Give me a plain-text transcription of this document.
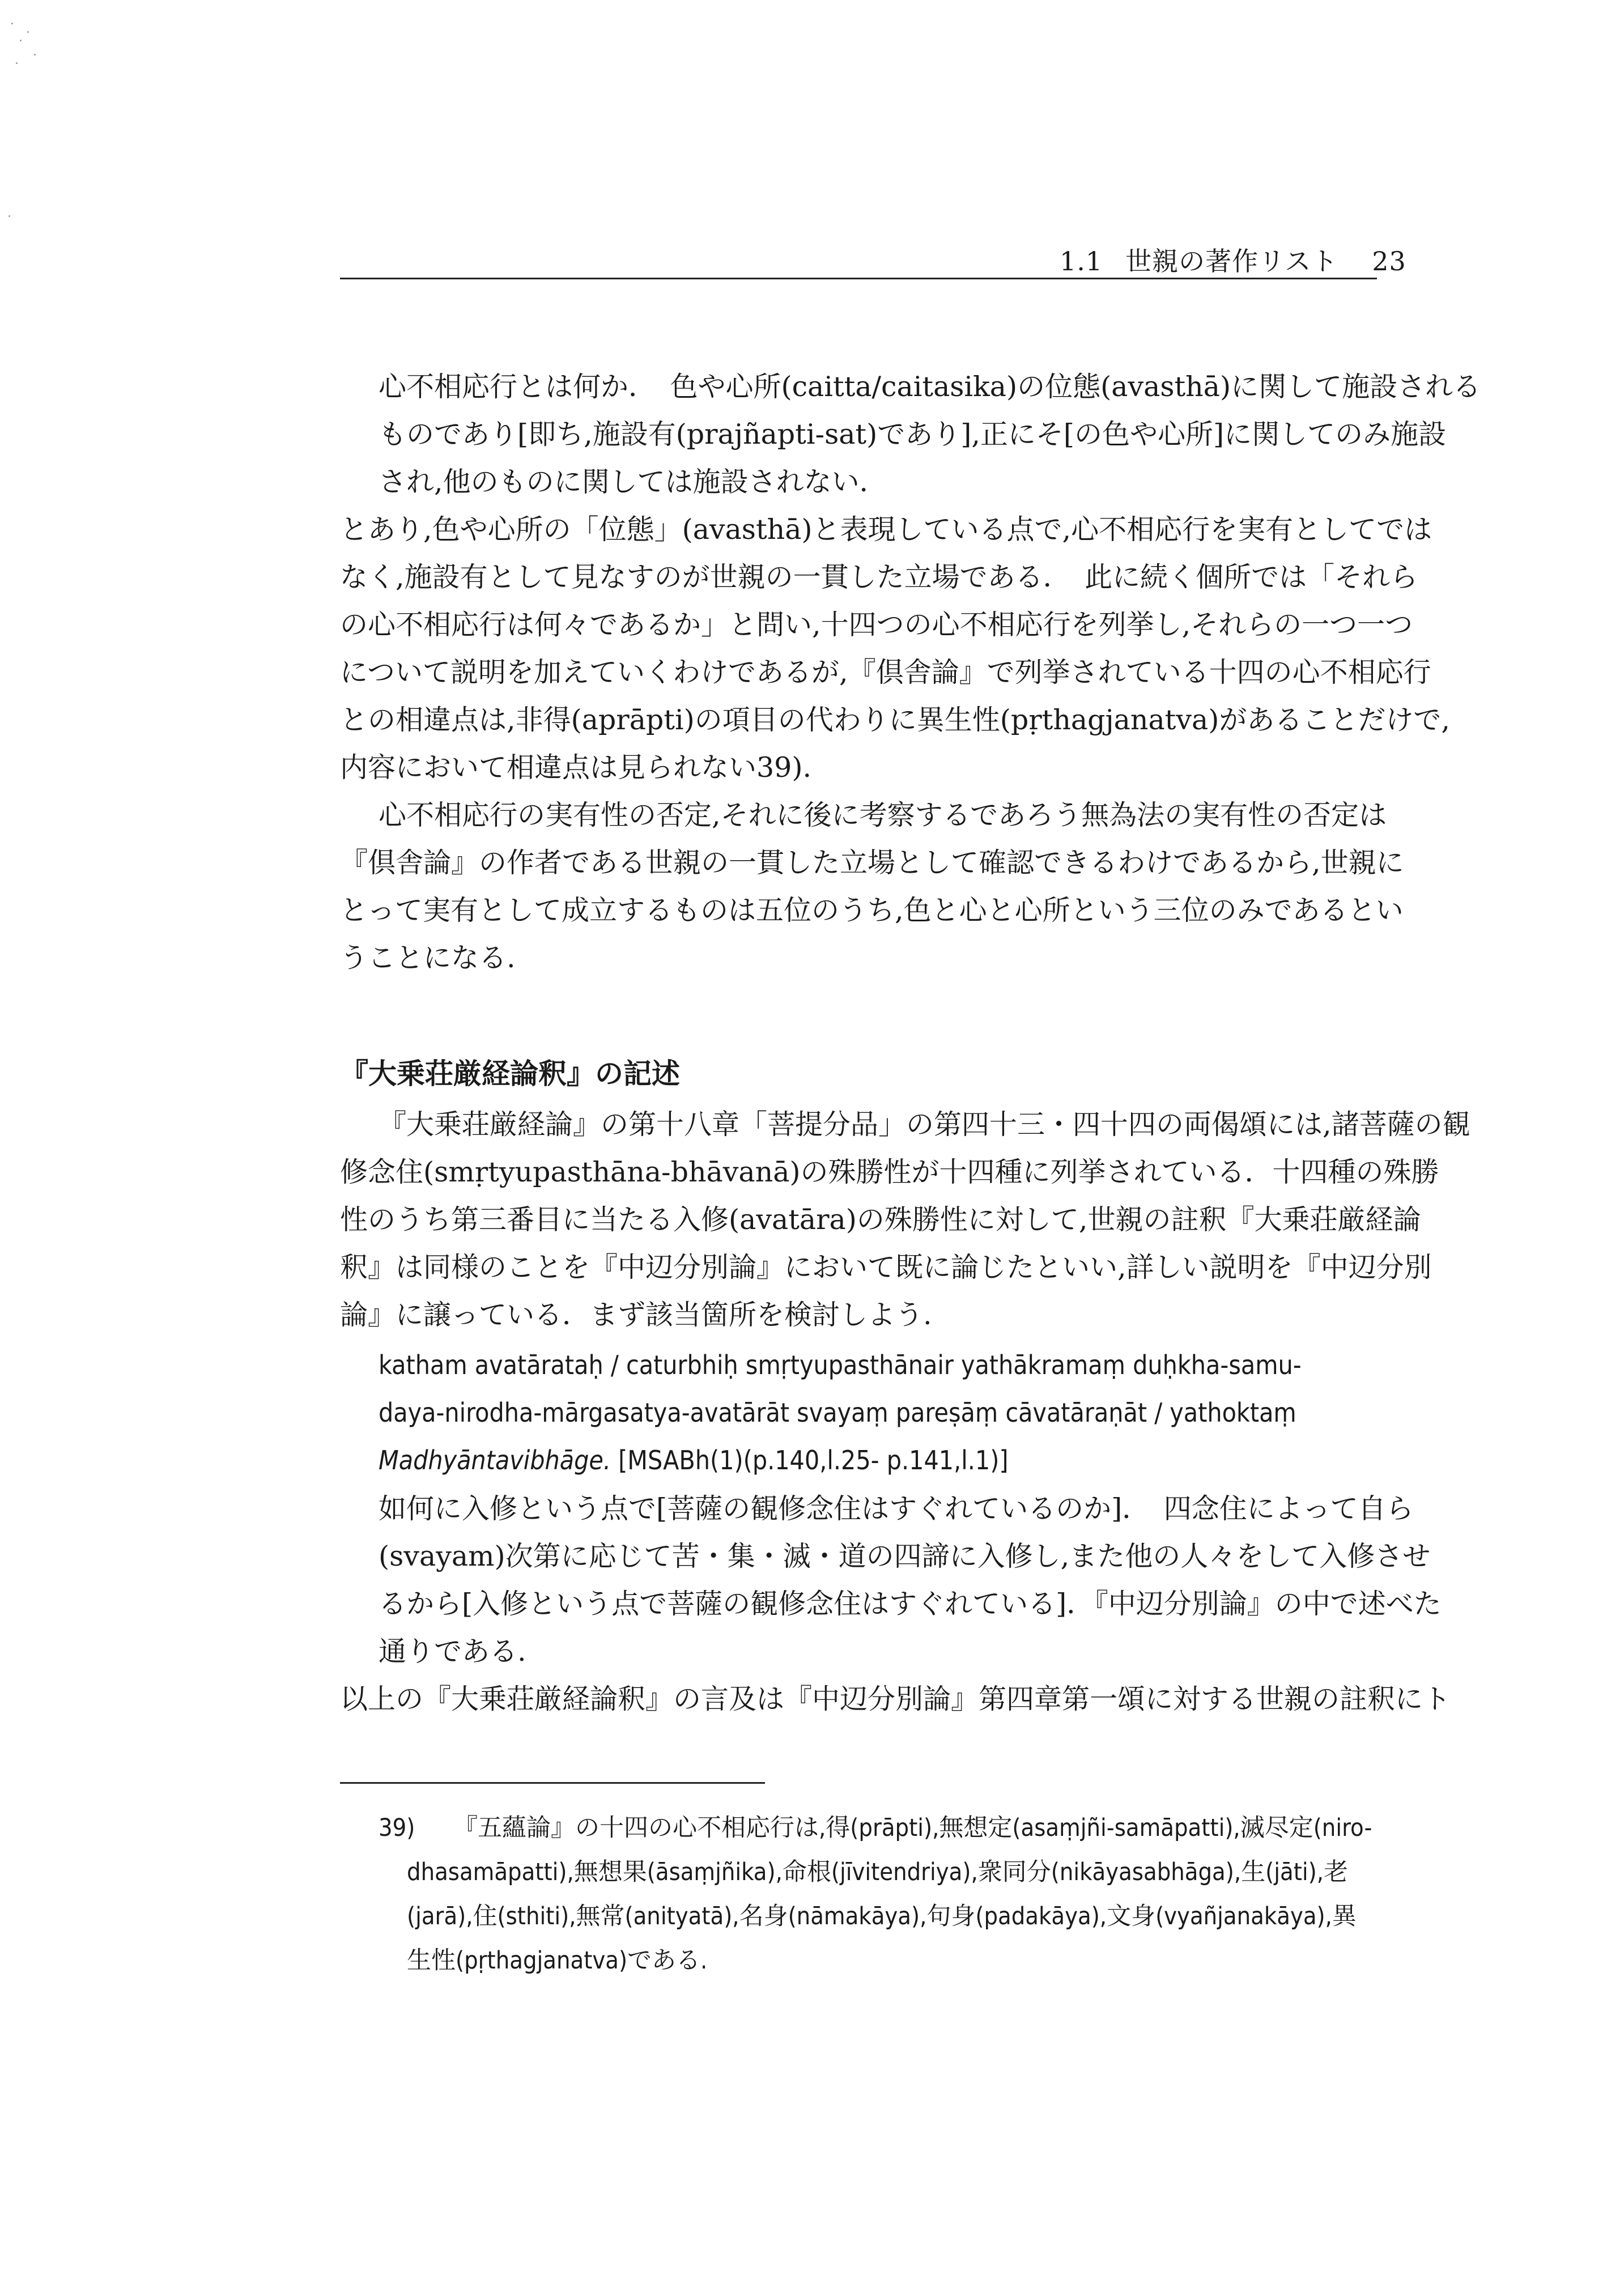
1.1 世親の著作リスト 23
心不相応行とは何か．　色や心所(caitta/caitasika)の位態(avasthā)に関して施設される
ものであり[即ち,施設有(prajñapti-sat)であり],正にそ[の色や心所]に関してのみ施設
され,他のものに関しては施設されない．
とあり,色や心所の「位態」(avasthā)と表現している点で,心不相応行を実有としてでは
なく,施設有として見なすのが世親の一貫した立場である．　此に続く個所では「それら
の心不相応行は何々であるか」と問い,十四つの心不相応行を列挙し,それらの一つ一つ
について説明を加えていくわけであるが,『倶舎論』で列挙されている十四の心不相応行
との相違点は,非得(aprāpti)の項目の代わりに異生性(pṛthagjanatva)があることだけで,
内容において相違点は見られない39).
心不相応行の実有性の否定,それに後に考察するであろう無為法の実有性の否定は
『倶舎論』の作者である世親の一貫した立場として確認できるわけであるから,世親に
とって実有として成立するものは五位のうち,色と心と心所という三位のみであるとい
うことになる.
『大乗荘厳経論釈』の記述
『大乗荘厳経論』の第十八章「菩提分品」の第四十三・四十四の両偈頌には,諸菩薩の観
修念住(smṛtyupasthāna-bhāvanā)の殊勝性が十四種に列挙されている．十四種の殊勝
性のうち第三番目に当たる入修(avatāra)の殊勝性に対して,世親の註釈『大乗荘厳経論
釈』は同様のことを『中辺分別論』において既に論じたといい,詳しい説明を『中辺分別
論』に譲っている．まず該当箇所を検討しよう.
katham avatārataḥ / caturbhiḥ smṛtyupasthānair yathākramaṃ duḥkha-samu-
daya-nirodha-mārgasatya-avatārāt svayaṃ pareṣāṃ cāvatāraṇāt / yathoktaṃ
Madhyāntavibhāge. [MSABh(1)(p.140,l.25- p.141,l.1)]
如何に入修という点で[菩薩の観修念住はすぐれているのか]．　四念住によって自ら
(svayam)次第に応じて苦・集・滅・道の四諦に入修し,また他の人々をして入修させ
るから[入修という点で菩薩の観修念住はすぐれている]．『中辺分別論』の中で述べた
通りである.
以上の『大乗荘厳経論釈』の言及は『中辺分別論』第四章第一頌に対する世親の註釈にト
39) 『五蘊論』の十四の心不相応行は,得(prāpti),無想定(asaṃjñi-samāpatti),滅尽定(niro-
dhasamāpatti),無想果(āsaṃjñika),命根(jīvitendriya),衆同分(nikāyasabhāga),生(jāti),老
(jarā),住(sthiti),無常(anityatā),名身(nāmakāya),句身(padakāya),文身(vyañjanakāya),異
生性(pṛthagjanatva)である.
